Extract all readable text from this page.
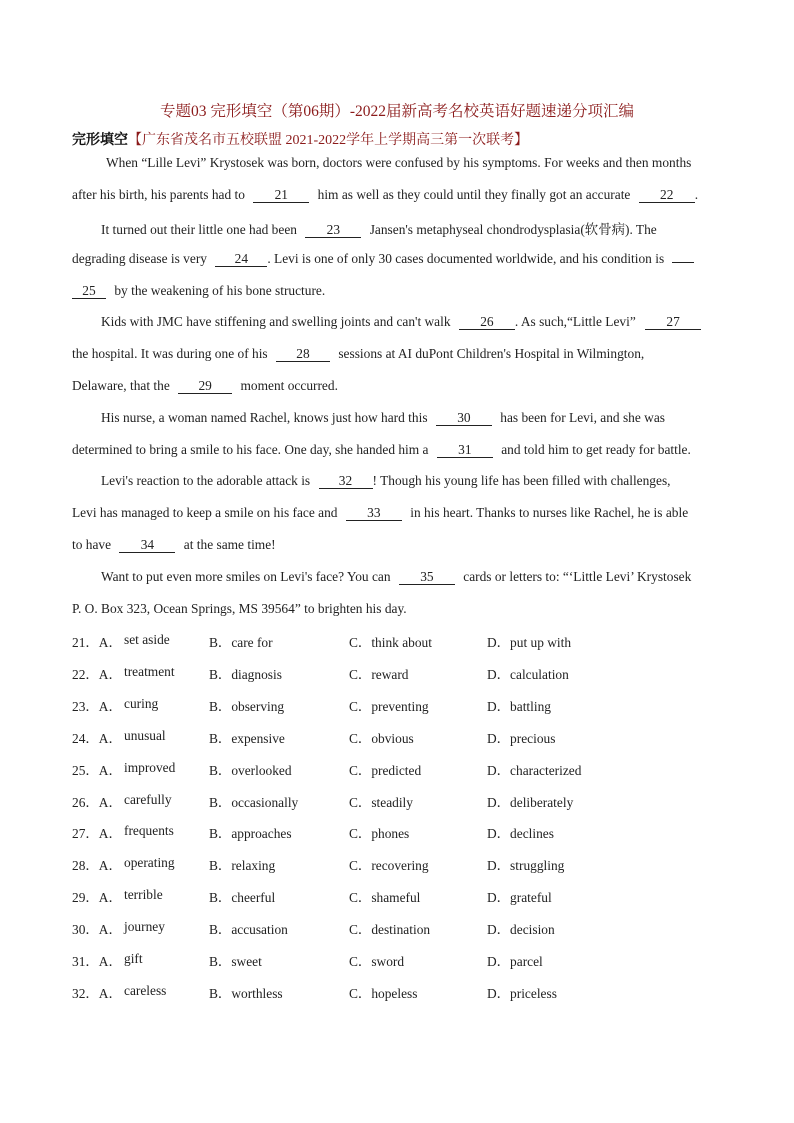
专题03 完形填空（第06期）-2022届新高考名校英语好题速递分项汇编
完形填空【广东省茂名市五校联盟 2021-2022学年上学期高三第一次联考】
When “Lille Levi” Krystosek was born, doctors were confused by his symptoms. For weeks and then months
after his birth, his parents had to 21 him as well as they could until they finally got an accurate 22 .
It turned out their little one had been 23 Jansen's metaphyseal chondrodysplasia(软骨病). The
degrading disease is very 24 . Levi is one of only 30 cases documented worldwide, and his condition is
25 by the weakening of his bone structure.
Kids with JMC have stiffening and swelling joints and can't walk 26 . As such,“Little Levi” 27
the hospital. It was during one of his 28 sessions at AI duPont Children's Hospital in Wilmington,
Delaware, that the 29 moment occurred.
His nurse, a woman named Rachel, knows just how hard this 30 has been for Levi, and she was
determined to bring a smile to his face. One day, she handed him a 31 and told him to get ready for battle.
Levi's reaction to the adorable attack is 32 ! Though his young life has been filled with challenges,
Levi has managed to keep a smile on his face and 33 in his heart. Thanks to nurses like Rachel, he is able
to have 34 at the same time!
Want to put even more smiles on Levi's face? You can 35 cards or letters to: “‘Little Levi’ Krystosek
P. O. Box 323, Ocean Springs, MS 39564” to brighten his day.
21．A． set aside	B．care for	C．think about	D．put up with
22．A． treatment	B．diagnosis	C．reward	D．calculation
23．A． curing	B．observing	C．preventing	D．battling
24．A． unusual	B．expensive	C．obvious	D．precious
25．A． improved	B．overlooked	C．predicted	D．characterized
26．A． carefully	B．occasionally	C．steadily	D．deliberately
27．A． frequents	B．approaches	C．phones	D．declines
28．A． operating	B．relaxing	C．recovering	D．struggling
29．A． terrible	B．cheerful	C．shameful	D．grateful
30．A． journey	B．accusation	C．destination	D．decision
31．A． gift	B．sweet	C．sword	D．parcel
32．A． careless	B．worthless	C．hopeless	D．priceless
